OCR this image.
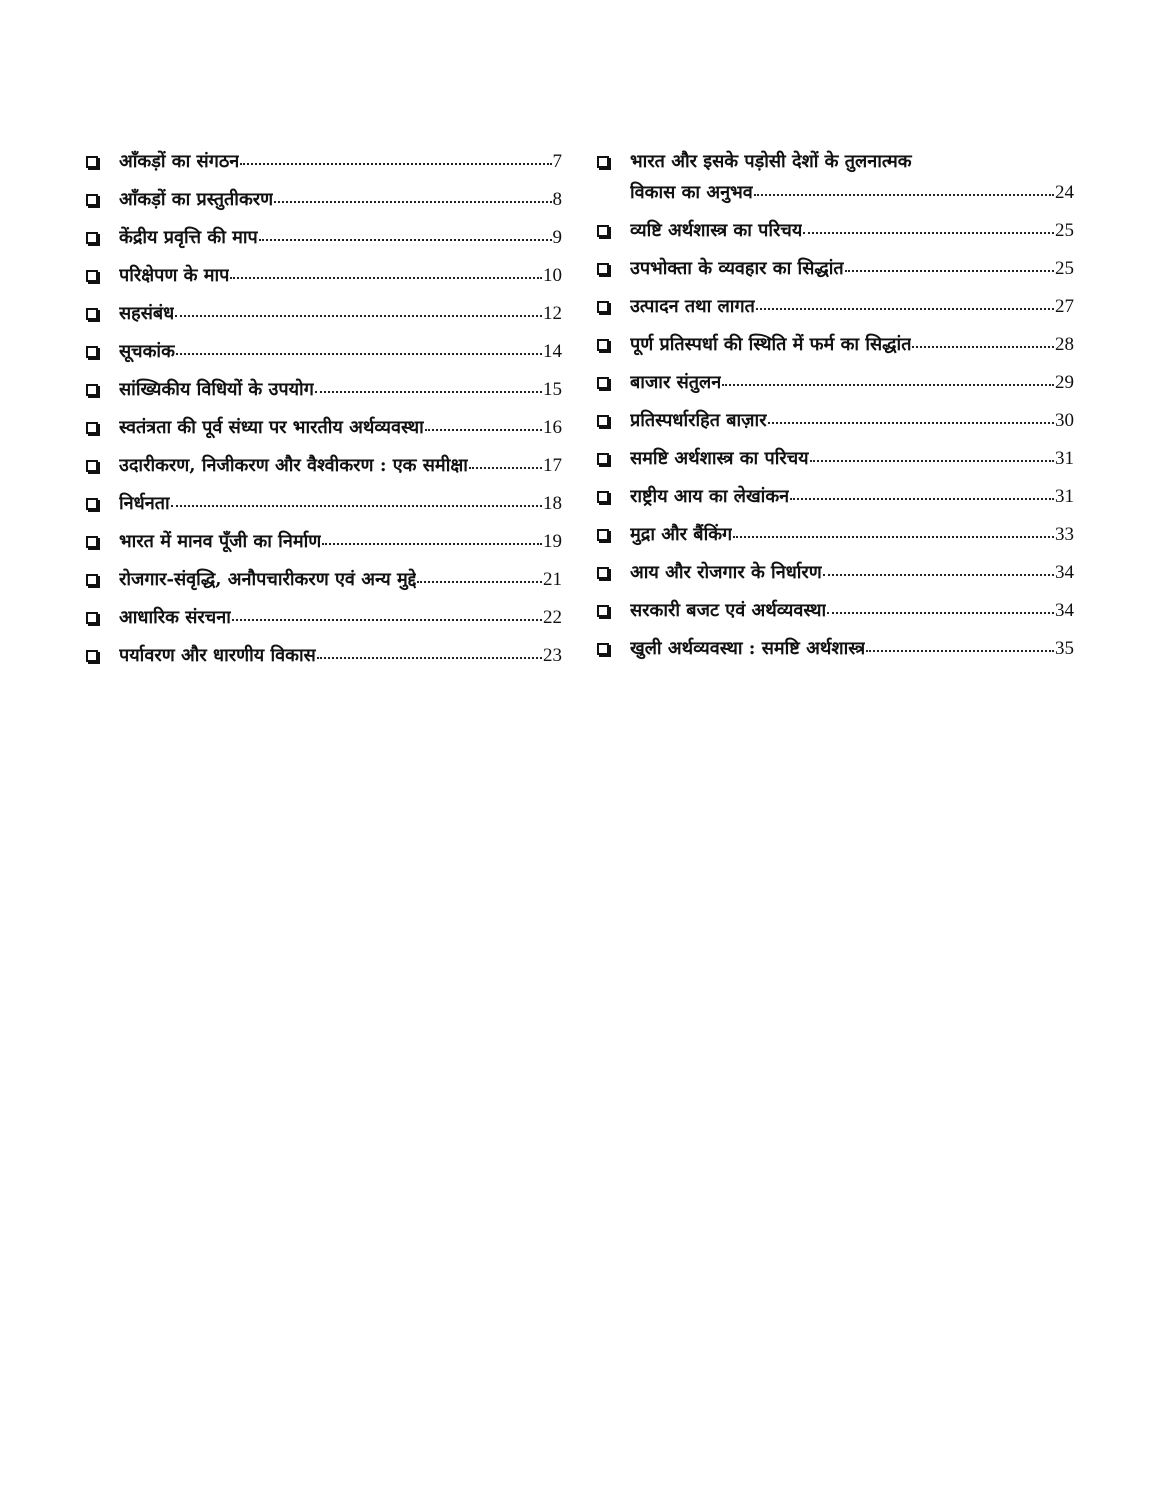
आँकड़ों का संगठन	7
आँकड़ों का प्रस्तुतीकरण	8
केंद्रीय प्रवृत्ति की माप	9
परिक्षेपण के माप	10
सहसंबंध	12
सूचकांक	14
सांख्यिकीय विधियों के उपयोग	15
स्वतंत्रता की पूर्व संध्या पर भारतीय अर्थव्यवस्था	16
उदारीकरण, निजीकरण और वैश्वीकरण : एक समीक्षा	17
निर्धनता	18
भारत में मानव पूँजी का निर्माण	19
रोजगार-संवृद्धि, अनौपचारीकरण एवं अन्य मुद्दे	21
आधारिक संरचना	22
पर्यावरण और धारणीय विकास	23
भारत और इसके पड़ोसी देशों के तुलनात्मक
विकास का अनुभव	24
व्यष्टि अर्थशास्त्र का परिचय	25
उपभोक्ता के व्यवहार का सिद्धांत	25
उत्पादन तथा लागत	27
पूर्ण प्रतिस्पर्धा की स्थिति में फर्म का सिद्धांत	28
बाजार संतुलन	29
प्रतिस्पर्धारहित बाज़ार	30
समष्टि अर्थशास्त्र का परिचय	31
राष्ट्रीय आय का लेखांकन	31
मुद्रा और बैंकिंग	33
आय और रोजगार के निर्धारण	34
सरकारी बजट एवं अर्थव्यवस्था	34
खुली अर्थव्यवस्था : समष्टि अर्थशास्त्र	35
